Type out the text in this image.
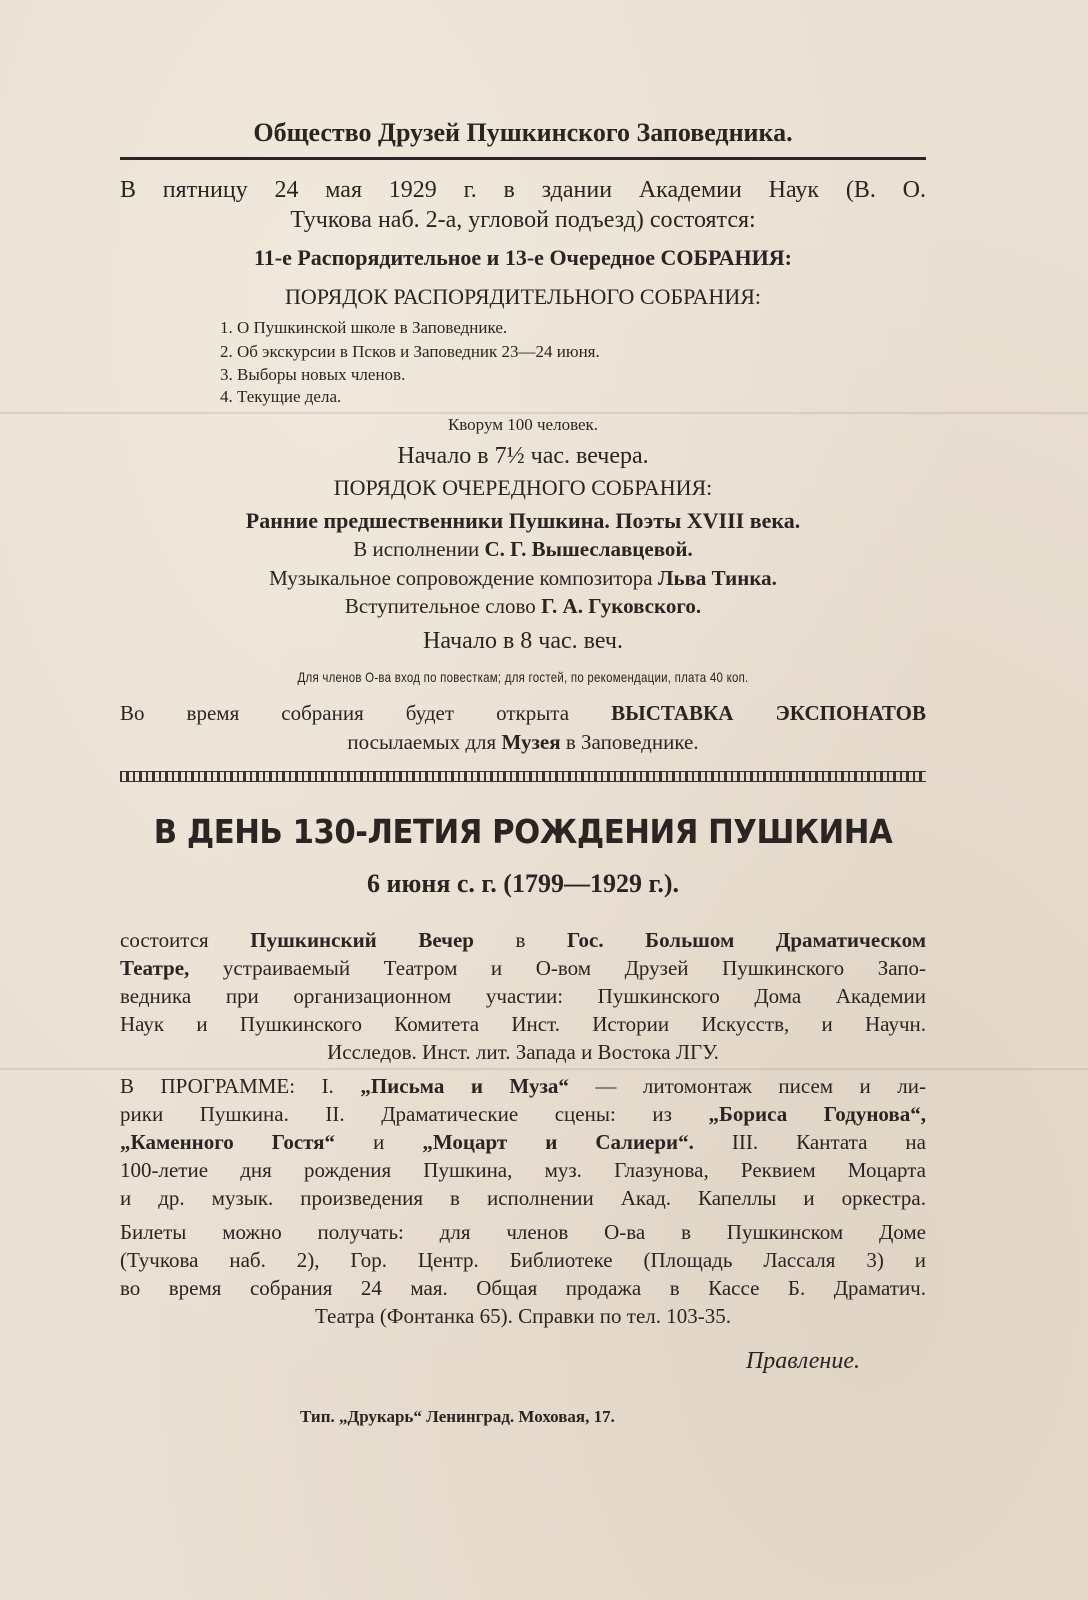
Общество Друзей Пушкинского Заповедника.
В пятницу 24 мая 1929 г. в здании Академии Наук (В. О.
Тучкова наб. 2-а, угловой подъезд) состоятся:
11-е Распорядительное и 13-е Очередное СОБРАНИЯ:
ПОРЯДОК РАСПОРЯДИТЕЛЬНОГО СОБРАНИЯ:
1. О Пушкинской школе в Заповеднике.
2. Об экскурсии в Псков и Заповедник 23—24 июня.
3. Выборы новых членов.
4. Текущие дела.
Кворум 100 человек.
Начало в 7½ час. вечера.
ПОРЯДОК ОЧЕРЕДНОГО СОБРАНИЯ:
Ранние предшественники Пушкина. Поэты XVIII века.
В исполнении С. Г. Вышеславцевой.
Музыкальное сопровождение композитора Льва Тинка.
Вступительное слово Г. А. Гуковского.
Начало в 8 час. веч.
Для членов О-ва вход по повесткам; для гостей, по рекомендации, плата 40 коп.
Во время собрания будет открыта ВЫСТАВКА ЭКСПОНАТОВ
посылаемых для Музея в Заповеднике.
В ДЕНЬ 130-ЛЕТИЯ РОЖДЕНИЯ ПУШКИНА
6 июня с. г. (1799—1929 г.).
состоится Пушкинский Вечер в Гос. Большом Драматическом
Театре, устраиваемый Театром и О-вом Друзей Пушкинского Запо-
ведника при организационном участии: Пушкинского Дома Академии
Наук и Пушкинского Комитета Инст. Истории Искусств, и Научн.
Исследов. Инст. лит. Запада и Востока ЛГУ.
В ПРОГРАММЕ: I. „Письма и Муза“ — литомонтаж писем и ли-
рики Пушкина. II. Драматические сцены: из „Бориса Годунова“,
„Каменного Гостя“ и „Моцарт и Салиери“. III. Кантата на
100-летие дня рождения Пушкина, муз. Глазунова, Реквием Моцарта
и др. музык. произведения в исполнении Акад. Капеллы и оркестра.
Билеты можно получать: для членов О-ва в Пушкинском Доме
(Тучкова наб. 2), Гор. Центр. Библиотеке (Площадь Лассаля 3) и
во время собрания 24 мая. Общая продажа в Кассе Б. Драматич.
Театра (Фонтанка 65). Справки по тел. 103-35.
Правление.
Тип. „Друкарь“ Ленинград. Моховая, 17.
